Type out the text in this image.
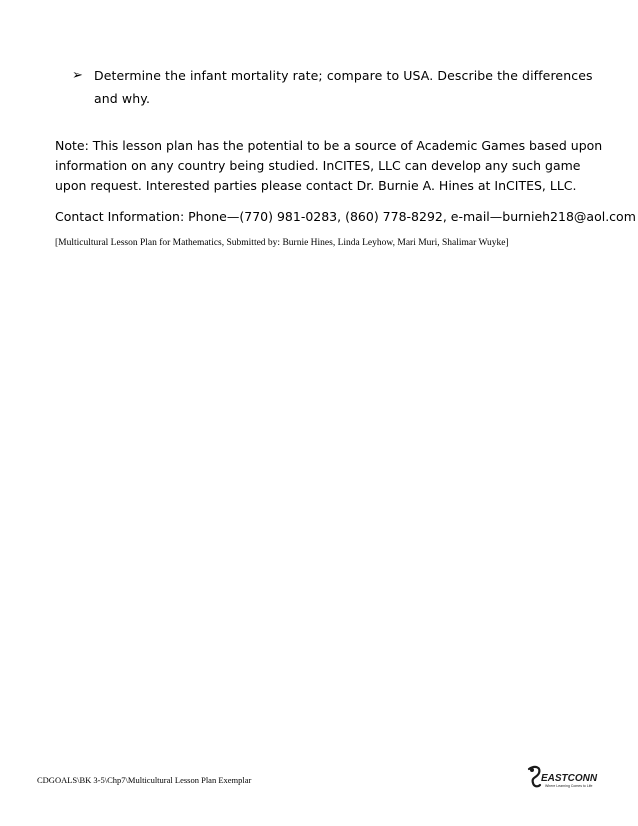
➢ Determine the infant mortality rate; compare to USA. Describe the differences and why.

Note: This lesson plan has the potential to be a source of Academic Games based upon information on any country being studied. InCITES, LLC can develop any such game upon request. Interested parties please contact Dr. Burnie A. Hines at InCITES, LLC.

Contact Information: Phone—(770) 981-0283, (860) 778-8292, e-mail—burnieh218@aol.com

[Multicultural Lesson Plan for Mathematics, Submitted by: Burnie Hines, Linda Leyhow, Mari Muri, Shalimar Wuyke]

CDGOALS\BK 3-5\Chp7\Multicultural Lesson Plan Exemplar	EASTCONN
Where Learning Comes to Life
